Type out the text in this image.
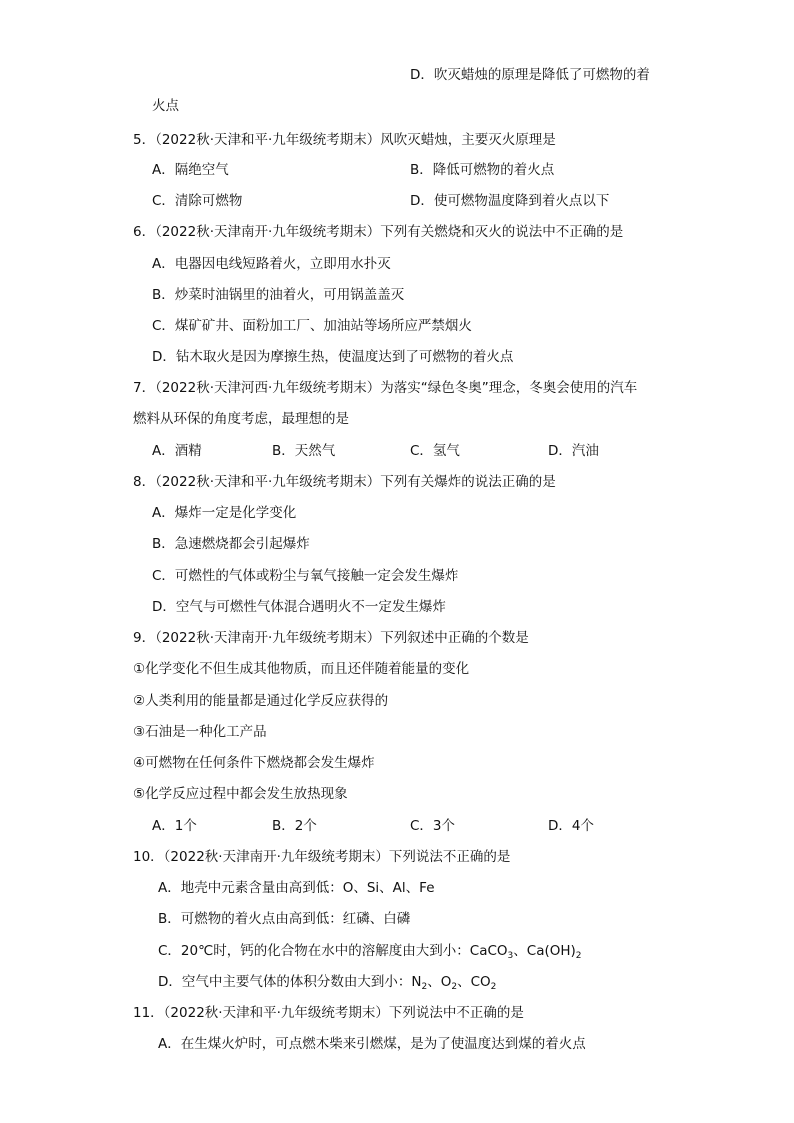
D．吹灭蜡烛的原理是降低了可燃物的着
火点
5．（2022秋·天津和平·九年级统考期末）风吹灭蜡烛，主要灭火原理是
A．隔绝空气	B．降低可燃物的着火点
C．清除可燃物	D．使可燃物温度降到着火点以下
6．（2022秋·天津南开·九年级统考期末）下列有关燃烧和灭火的说法中不正确的是
A．电器因电线短路着火，立即用水扑灭
B．炒菜时油锅里的油着火，可用锅盖盖灭
C．煤矿矿井、面粉加工厂、加油站等场所应严禁烟火
D．钻木取火是因为摩擦生热，使温度达到了可燃物的着火点
7．（2022秋·天津河西·九年级统考期末）为落实“绿色冬奥”理念，冬奥会使用的汽车
燃料从环保的角度考虑，最理想的是
A．酒精	B．天然气	C．氢气	D．汽油
8．（2022秋·天津和平·九年级统考期末）下列有关爆炸的说法正确的是
A．爆炸一定是化学变化
B．急速燃烧都会引起爆炸
C．可燃性的气体或粉尘与氧气接触一定会发生爆炸
D．空气与可燃性气体混合遇明火不一定发生爆炸
9．（2022秋·天津南开·九年级统考期末）下列叙述中正确的个数是
①化学变化不但生成其他物质，而且还伴随着能量的变化
②人类利用的能量都是通过化学反应获得的
③石油是一种化工产品
④可燃物在任何条件下燃烧都会发生爆炸
⑤化学反应过程中都会发生放热现象
A．1个	B．2个	C．3个	D．4个
10．（2022秋·天津南开·九年级统考期末）下列说法不正确的是
A．地壳中元素含量由高到低：O、Si、Al、Fe
B．可燃物的着火点由高到低：红磷、白磷
C．20℃时，钙的化合物在水中的溶解度由大到小：CaCO$_3$、$Ca(OH)_2$
D．空气中主要气体的体积分数由大到小：$N_2$、$O_2$、$CO_2$
11．（2022秋·天津和平·九年级统考期末）下列说法中不正确的是
A．在生煤火炉时，可点燃木柴来引燃煤，是为了使温度达到煤的着火点
